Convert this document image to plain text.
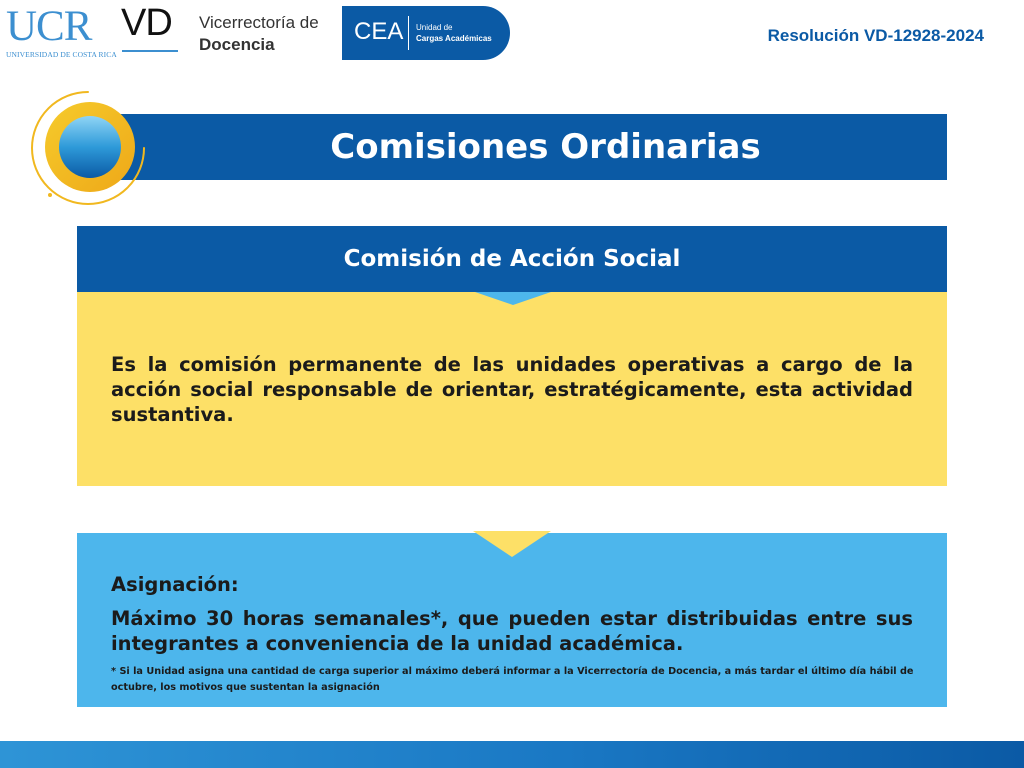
UCR
UNIVERSIDAD DE COSTA RICA
VD Vicerrectoría de
Docencia	CEA Unidad de
Cargas Académicas	Resolución VD-12928-2024
Comisiones Ordinarias
Comisión de Acción Social

Es la comisión permanente de las unidades operativas a cargo de la acción social responsable de orientar, estratégicamente, esta actividad sustantiva.

Asignación:

Máximo 30 horas semanales*, que pueden estar distribuidas entre sus integrantes a conveniencia de la unidad académica.

* Si la Unidad asigna una cantidad de carga superior al máximo deberá informar a la Vicerrectoría de Docencia, a más tardar el último día hábil de octubre, los motivos que sustentan la asignación
